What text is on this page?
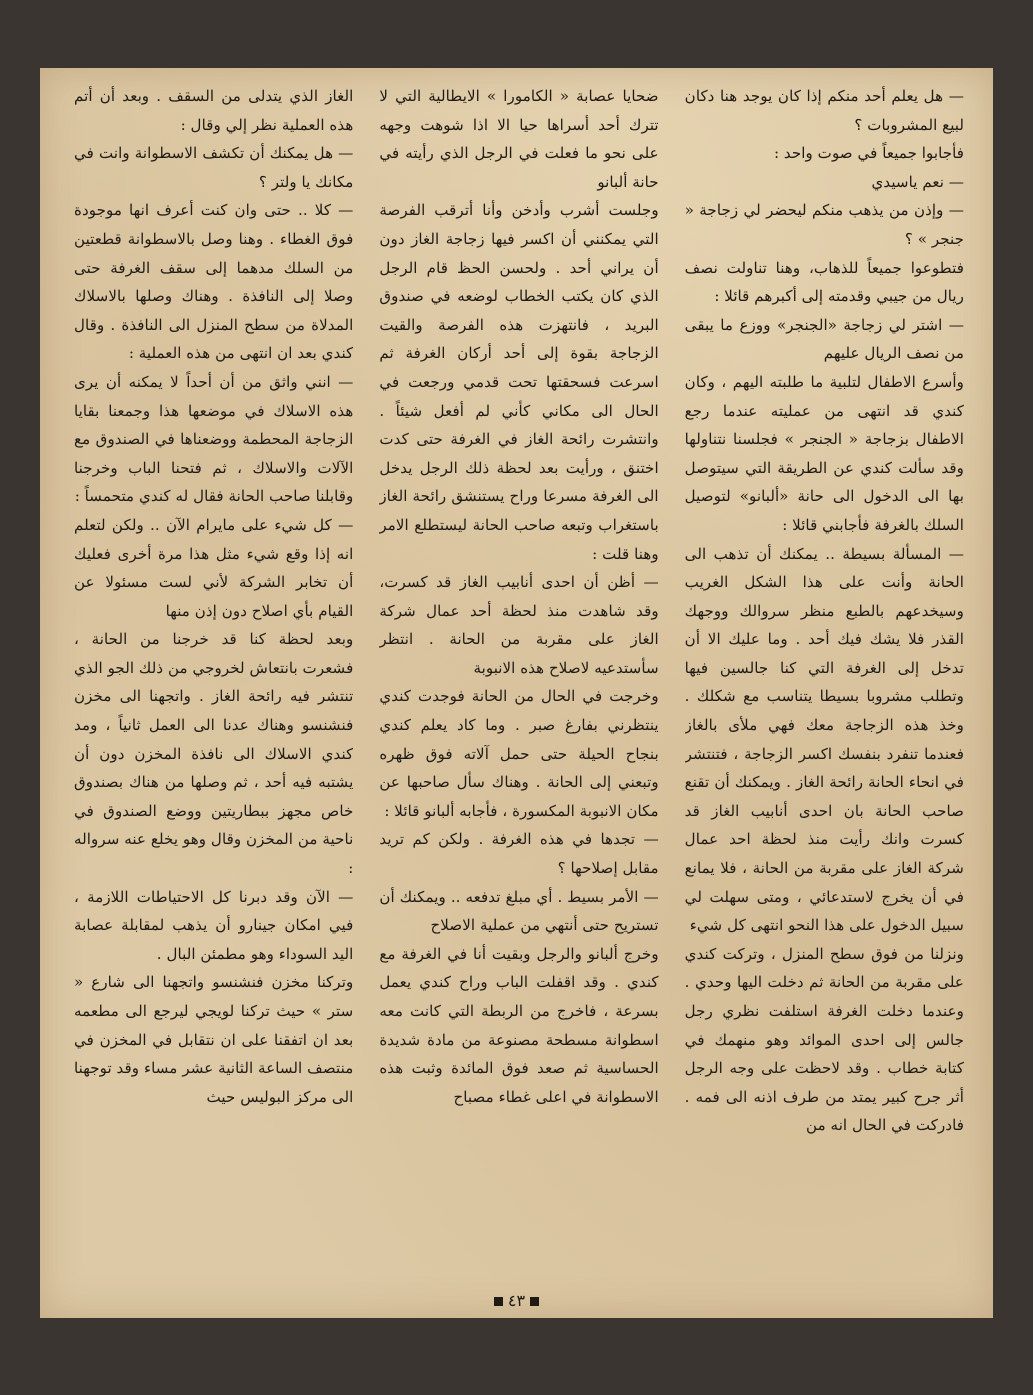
— هل يعلم أحد منكم إذا كان يوجد هنا دكان لبيع المشروبات ؟

فأجابوا جميعاً في صوت واحد :

— نعم ياسيدي

— وإذن من يذهب منكم ليحضر لي زجاجة « جنجر » ؟

فتطوعوا جميعاً للذهاب، وهنا تناولت نصف ريال من جيبي وقدمته إلى أكبرهم قائلا :

— اشتر لي زجاجة «الجنجر» ووزع ما يبقى من نصف الريال عليهم

وأسرع الاطفال لتلبية ما طلبته اليهم ، وكان كندي قد انتهى من عمليته عندما رجع الاطفال بزجاجة « الجنجر » فجلسنا نتناولها وقد سألت كندي عن الطريقة التي سيتوصل بها الى الدخول الى حانة «ألبانو» لتوصيل السلك بالغرفة فأجابني قائلا :

— المسألة بسيطة .. يمكنك أن تذهب الى الحانة وأنت على هذا الشكل الغريب وسيخدعهم بالطبع منظر سروالك ووجهك القذر فلا يشك فيك أحد . وما عليك الا أن تدخل إلى الغرفة التي كنا جالسين فيها وتطلب مشروبا بسيطا يتناسب مع شكلك . وخذ هذه الزجاجة معك فهي ملأى بالغاز فعندما تنفرد بنفسك اكسر الزجاجة ، فتنتشر في انحاء الحانة رائحة الغاز . ويمكنك أن تقنع صاحب الحانة بان احدى أنابيب الغاز قد كسرت وانك رأيت منذ لحظة احد عمال شركة الغاز على مقربة من الحانة ، فلا يمانع في أن يخرج لاستدعائي ، ومتى سهلت لي سبيل الدخول على هذا النحو انتهى كل شيء

ونزلنا من فوق سطح المنزل ، وتركت كندي على مقربة من الحانة ثم دخلت اليها وحدي . وعندما دخلت الغرفة استلفت نظري رجل جالس إلى احدى الموائد وهو منهمك في كتابة خطاب . وقد لاحظت على وجه الرجل أثر جرح كبير يمتد من طرف اذنه الى فمه . فادركت في الحال انه من

ضحايا عصابة « الكامورا » الايطالية التي لا تترك أحد أسراها حيا الا اذا شوهت وجهه على نحو ما فعلت في الرجل الذي رأيته في حانة ألبانو

وجلست أشرب وأدخن وأنا أترقب الفرصة التي يمكنني أن اكسر فيها زجاجة الغاز دون أن يراني أحد . ولحسن الحظ قام الرجل الذي كان يكتب الخطاب لوضعه في صندوق البريد ، فانتهزت هذه الفرصة والقيت الزجاجة بقوة إلى أحد أركان الغرفة ثم اسرعت فسحقتها تحت قدمي ورجعت في الحال الى مكاني كأني لم أفعل شيئاً . وانتشرت رائحة الغاز في الغرفة حتى كدت اختنق ، ورأيت بعد لحظة ذلك الرجل يدخل الى الغرفة مسرعا وراح يستنشق رائحة الغاز باستغراب وتبعه صاحب الحانة ليستطلع الامر وهنا قلت :

— أظن أن احدى أنابيب الغاز قد كسرت، وقد شاهدت منذ لحظة أحد عمال شركة الغاز على مقربة من الحانة . انتظر سأستدعيه لاصلاح هذه الانبوبة

وخرجت في الحال من الحانة فوجدت كندي ينتظرني بفارغ صبر . وما كاد يعلم كندي بنجاح الحيلة حتى حمل آلاته فوق ظهره وتبعني إلى الحانة . وهناك سأل صاحبها عن مكان الانبوبة المكسورة ، فأجابه ألبانو قائلا :

— تجدها في هذه الغرفة . ولكن كم تريد مقابل إصلاحها ؟

— الأمر بسيط . أي مبلغ تدفعه .. ويمكنك أن تستريح حتى أنتهي من عملية الاصلاح

وخرج ألبانو والرجل وبقيت أنا في الغرفة مع كندي . وقد اقفلت الباب وراح كندي يعمل بسرعة ، فاخرج من الربطة التي كانت معه اسطوانة مسطحة مصنوعة من مادة شديدة الحساسية ثم صعد فوق المائدة وثبت هذه الاسطوانة في اعلى غطاء مصباح

الغاز الذي يتدلى من السقف . وبعد أن أتم هذه العملية نظر إلي وقال :

— هل يمكنك أن تكشف الاسطوانة وانت في مكانك يا ولتر ؟

— كلا .. حتى وان كنت أعرف انها موجودة فوق الغطاء . وهنا وصل بالاسطوانة قطعتين من السلك مدهما إلى سقف الغرفة حتى وصلا إلى النافذة . وهناك وصلها بالاسلاك المدلاة من سطح المنزل الى النافذة . وقال كندي بعد ان انتهى من هذه العملية :

— انني واثق من أن أحداً لا يمكنه أن يرى هذه الاسلاك في موضعها هذا وجمعنا بقايا الزجاجة المحطمة ووضعناها في الصندوق مع الآلات والاسلاك ، ثم فتحنا الباب وخرجنا وقابلنا صاحب الحانة فقال له كندي متحمساً :

— كل شيء على مايرام الآن .. ولكن لتعلم انه إذا وقع شيء مثل هذا مرة أخرى فعليك أن تخابر الشركة لأني لست مسئولا عن القيام بأي اصلاح دون إذن منها

وبعد لحظة كنا قد خرجنا من الحانة ، فشعرت بانتعاش لخروجي من ذلك الجو الذي تنتشر فيه رائحة الغاز . واتجهنا الى مخزن فنشنسو وهناك عدنا الى العمل ثانياً ، ومد كندي الاسلاك الى نافذة المخزن دون أن يشتبه فيه أحد ، ثم وصلها من هناك بصندوق خاص مجهز ببطاريتين ووضع الصندوق في ناحية من المخزن وقال وهو يخلع عنه سرواله :

— الآن وقد دبرنا كل الاحتياطات اللازمة ، فيي امكان جينارو أن يذهب لمقابلة عصابة اليد السوداء وهو مطمئن البال .

وتركنا مخزن فنشنسو واتجهنا الى شارع « ستر » حيث تركنا لويجي ليرجع الى مطعمه بعد ان اتفقنا على ان نتقابل في المخزن في منتصف الساعة الثانية عشر مساء وقد توجهنا الى مركز البوليس حيث

٤٣
